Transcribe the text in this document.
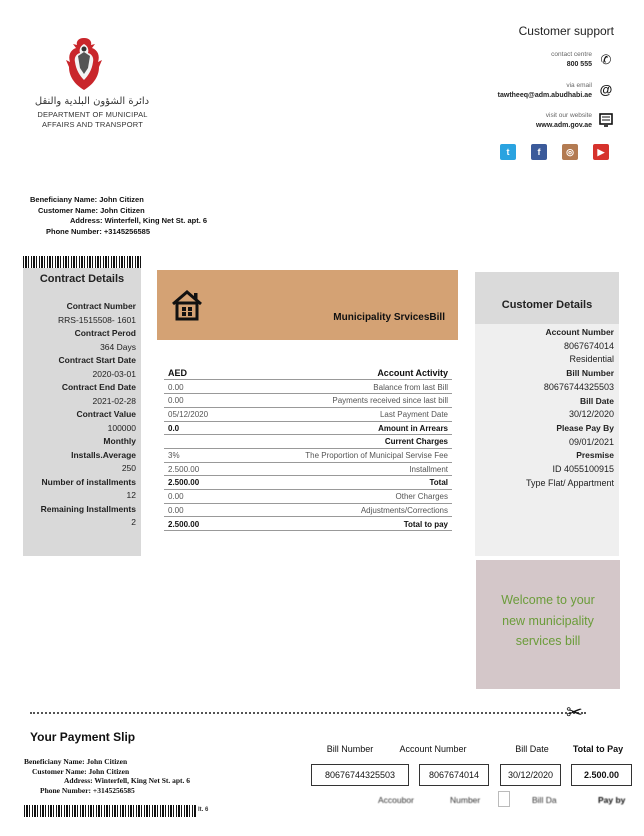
دائرة الشؤون البلدية والنقل
DEPARTMENT OF MUNICIPAL
AFFAIRS AND TRANSPORT
Customer support
contact centre
800 555 ✆
via email
tawtheeq@adm.abudhabi.ae @
visit our website
www.adm.gov.ae
t	f	◎	▶
Beneficiany Name: John Citizen
Customer Name: John Citizen
Address: Winterfell, King Net St. apt. 6
Phone Number: +3145256585
Contract Details
Contract Number
RRS-1515508- 1601
Contract Perod
364 Days
Contract Start Date
2020-03-01
Contract End Date
2021-02-28
Contract Value
100000
Monthly
Installs.Average
250
Number of installments
12
Remaining Installments
2
Municipality SrvicesBill
AED	Account Activity
0.00	Balance from last Bill
0.00	Payments received since last bill
05/12/2020	Last Payment Date
0.0	Amount in Arrears
Current Charges
3%	The Proportion of Municipal Servise Fee
2.500.00	Installment
2.500.00	Total
0.00	Other Charges
0.00	Adjustments/Corrections
2.500.00	Total to pay
Customer Details
Account Number
8067674014
Residential
Bill Number
80676744325503
Bill Date
30/12/2020
Please Pay By
09/01/2021
Presmise
ID 4055100915
Type Flat/ Appartment
Welcome to your
new municipality
services bill
✂
Your Payment Slip
Beneficiany Name: John Citizen
Customer Name: John Citizen
Address: Winterfell, King Net St. apt. 6
Phone Number: +3145256585
lt. 6
Bill Number	Account Number	Bill Date	Total to Pay
80676744325503	8067674014	30/12/2020	2.500.00
Accoubor	Number	Bill Da	Pay by
